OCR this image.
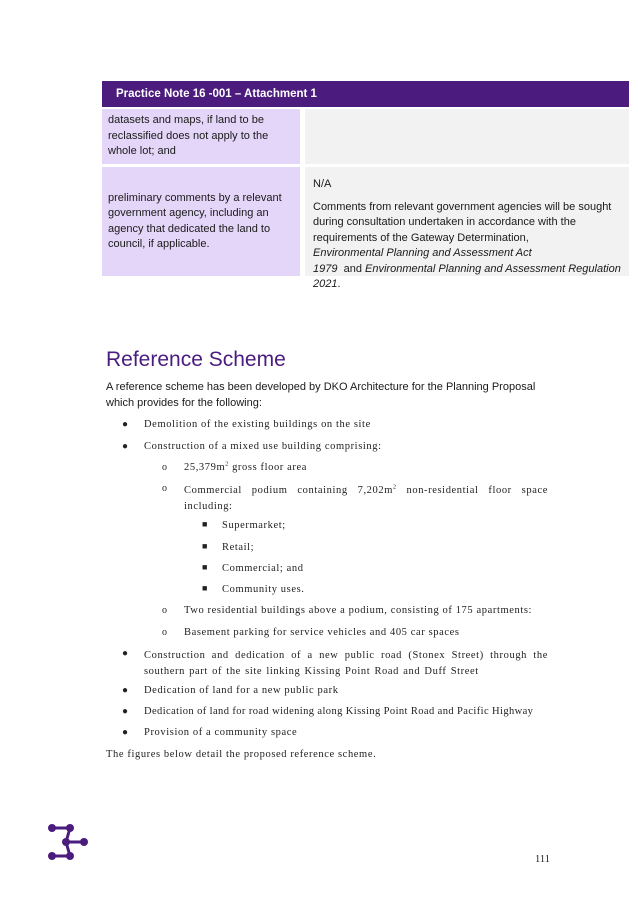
Practice Note 16 -001 – Attachment 1
datasets and maps, if land to be reclassified does not apply to the whole lot; and
preliminary comments by a relevant government agency, including an agency that dedicated the land to council, if applicable.
N/A
Comments from relevant government agencies will be sought during consultation undertaken in accordance with the requirements of the Gateway Determination,Environmental Planning and Assessment Act 1979 and Environmental Planning and Assessment Regulation 2021.
Reference Scheme
A reference scheme has been developed by DKO Architecture for the Planning Proposal which provides for the following:
● Demolition of the existing buildings on the site
● Construction of a mixed use building comprising:
o $25,379m^2$ gross floor area
o Commercial podium containing $7,202m^2$ non-residential floor space including:
■ Supermarket;
■ Retail;
■ Commercial; and
■ Community uses.
o Two residential buildings above a podium, consisting of 175 apartments:
o Basement parking for service vehicles and 405 car spaces
● Construction and dedication of a new public road (Stonex Street) through the southern part of the site linking Kissing Point Road and Duff Street
● Dedication of land for a new public park
● Dedication of land for road widening along Kissing Point Road and Pacific Highway
● Provision of a community space
The figures below detail the proposed reference scheme.
111
